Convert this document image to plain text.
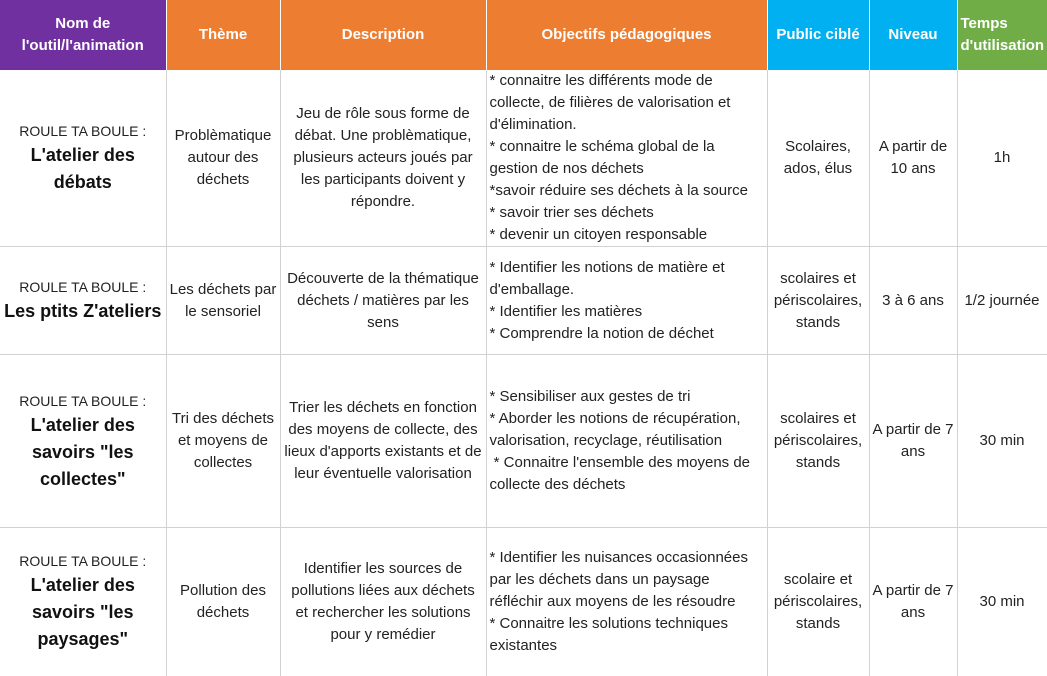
Nom de l'outil/l'animation	Thème	Description	Objectifs pédagogiques	Public ciblé	Niveau	Temps d'utilisation

ROULE TA BOULE :
L'atelier des débats	Problèmatique autour des déchets	Jeu de rôle sous forme de débat. Une problèmatique, plusieurs acteurs joués par les participants doivent y répondre.	* connaitre les différents mode de collecte, de filières de valorisation et d'élimination.
* connaitre le schéma global de la gestion de nos déchets
*savoir réduire ses déchets à la source
* savoir trier ses déchets
* devenir un citoyen responsable	Scolaires, ados, élus	A partir de 10 ans	1h

ROULE TA BOULE :
Les ptits Z'ateliers	Les déchets par le sensoriel	Découverte de la thématique déchets / matières par les sens	* Identifier les notions de matière et d'emballage.
* Identifier les matières
* Comprendre la notion de déchet	scolaires et périscolaires, stands	3 à 6 ans	1/2 journée

ROULE TA BOULE :
L'atelier des savoirs "les collectes"	Tri des déchets et moyens de collectes	Trier les déchets en fonction des moyens de collecte, des lieux d'apports existants et de leur éventuelle valorisation	* Sensibiliser aux gestes de tri
* Aborder les notions de récupération, valorisation, recyclage, réutilisation
* Connaitre l'ensemble des moyens de collecte des déchets	scolaires et périscolaires, stands	A partir de 7 ans	30 min

ROULE TA BOULE :
L'atelier des savoirs "les paysages"	Pollution des déchets	Identifier les sources de pollutions liées aux déchets et rechercher les solutions pour y remédier	* Identifier les nuisances occasionnées par les déchets dans un paysage
réfléchir aux moyens de les résoudre
* Connaitre les solutions techniques existantes	scolaire et périscolaires, stands	A partir de 7 ans	30 min
